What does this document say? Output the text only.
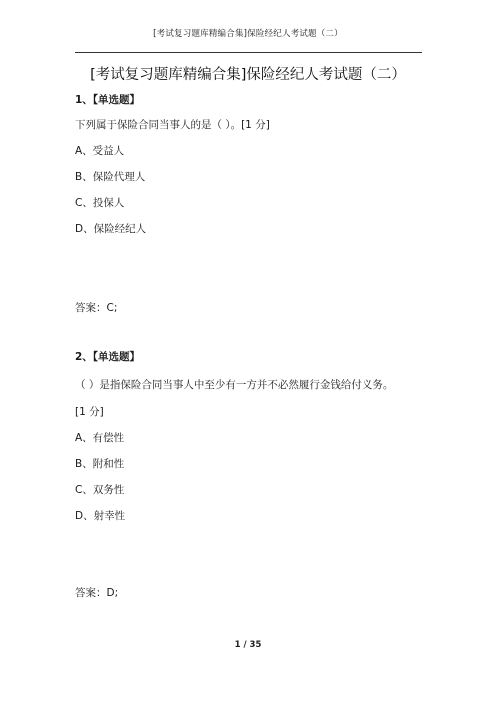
[考试复习题库精编合集]保险经纪人考试题（二）
[考试复习题库精编合集]保险经纪人考试题（二）
1、【单选题】
下列属于保险合同当事人的是（ ）。[1 分]
A、受益人
B、保险代理人
C、投保人
D、保险经纪人
答案：C;
2、【单选题】
（ ）是指保险合同当事人中至少有一方并不必然履行金钱给付义务。
[1 分]
A、有偿性
B、附和性
C、双务性
D、射幸性
答案：D;
1 / 35
